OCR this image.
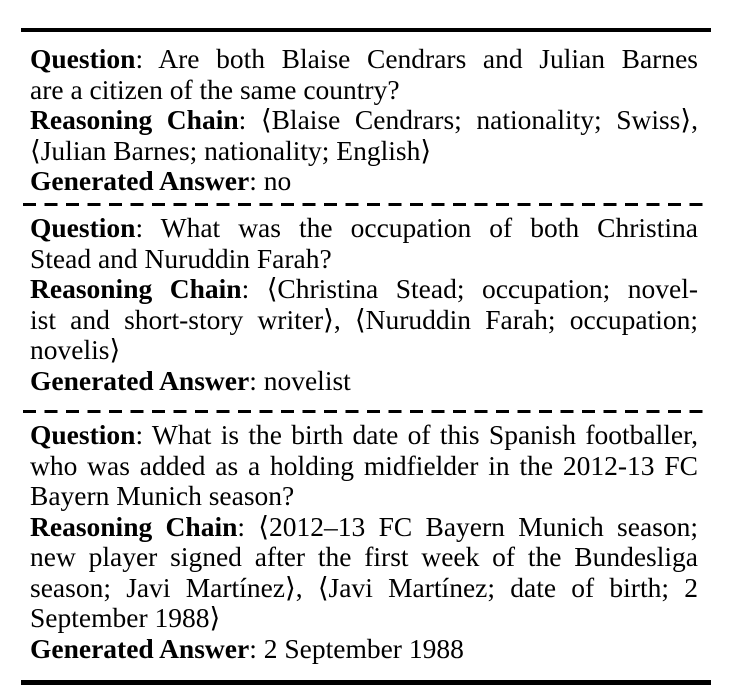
Question: Are both Blaise Cendrars and Julian Barnes
are a citizen of the same country?
Reasoning Chain: ⟨Blaise Cendrars; nationality; Swiss⟩,
⟨Julian Barnes; nationality; English⟩
Generated Answer: no
Question: What was the occupation of both Christina
Stead and Nuruddin Farah?
Reasoning Chain: ⟨Christina Stead; occupation; novel-
ist and short-story writer⟩, ⟨Nuruddin Farah; occupation;
novelis⟩
Generated Answer: novelist
Question: What is the birth date of this Spanish footballer,
who was added as a holding midfielder in the 2012-13 FC
Bayern Munich season?
Reasoning Chain: ⟨2012–13 FC Bayern Munich season;
new player signed after the first week of the Bundesliga
season; Javi Martínez⟩, ⟨Javi Martínez; date of birth; 2
September 1988⟩
Generated Answer: 2 September 1988
